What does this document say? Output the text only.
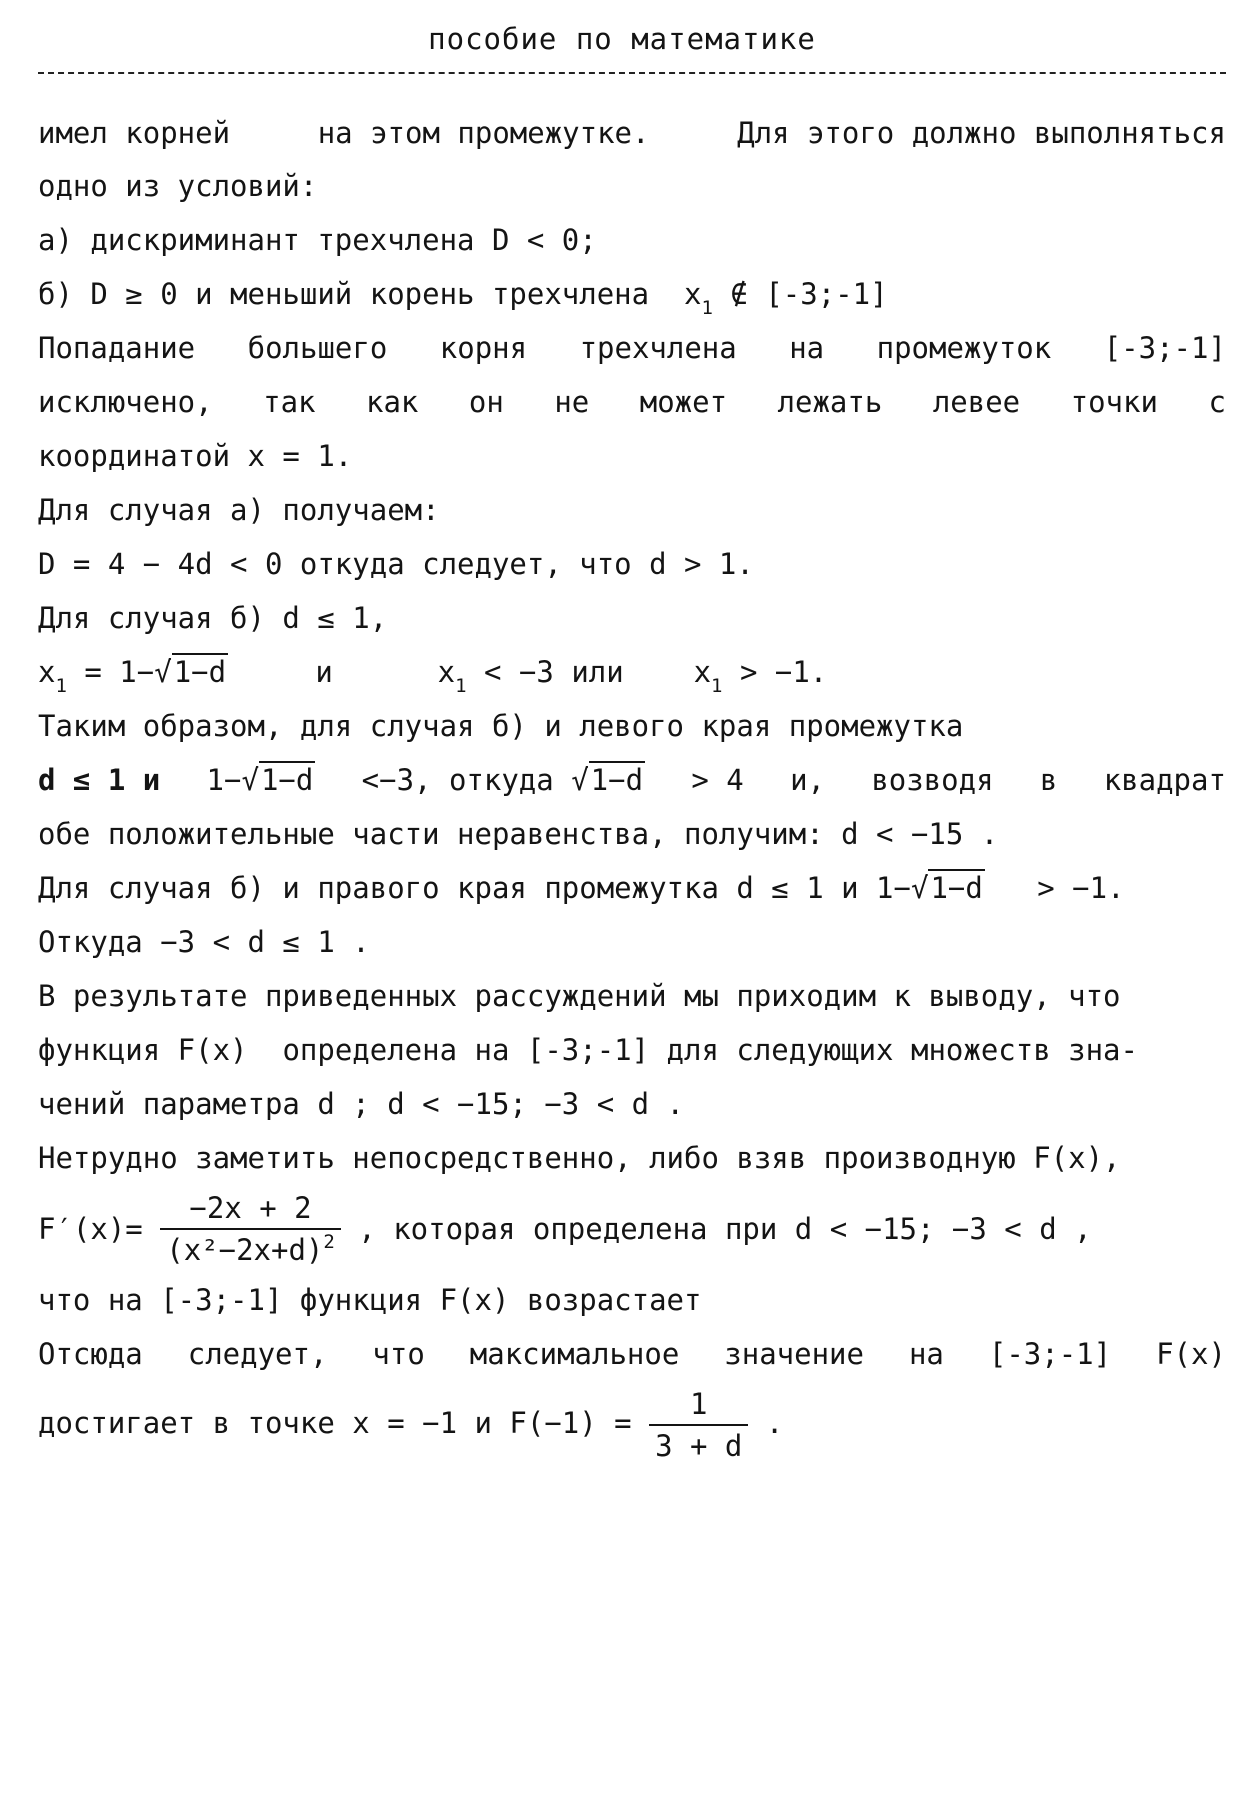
пособие по математике
имел корней	на этом промежутке.	Для этого должно выполняться
одно из условий:
а) дискриминант трехчлена D < 0;
б) D ≥ 0 и меньший корень трехчлена $x_1$ ∉ [-3;-1]
Попадание большего корня трехчлена на промежуток [-3;-1]
исключено, так как он не может лежать левее точки с
координатой x = 1.
Для случая а) получаем:
D = 4 − 4d < 0 откуда следует, что d > 1.
Для случая б) d ≤ 1,
$x_1 = 1-√1-d$	и	$x_1 < -3$ или $x_1 > -1$.
Таким образом, для случая б) и левого края промежутка
d ≤ 1 и 1−√1−d <−3, откуда √1−d > 4 и, возводя в квадрат
обе положительные части неравенства, получим: d < −15 .
Для случая б) и правого края промежутка d ≤ 1 и 1−√1−d > −1.
Откуда −3 < d ≤ 1 .
В результате приведенных рассуждений мы приходим к выводу, что
функция F(x) определена на [-3;-1] для следующих множеств зна-
чений параметра d ; d < −15; −3 < d .
Нетрудно заметить непосредственно, либо взяв производную F(x),
$F'(x)= \frac{-2x + 2}{(x^2-2x+d)^2}$ , которая определена при d < −15; −3 < d ,
что на [-3;-1] функция F(x) возрастает
Отсюда следует, что максимальное значение на [-3;-1] F(x)
достигает в точке x = −1 и $F(-1) = \frac{1}{3 + d}$ .
